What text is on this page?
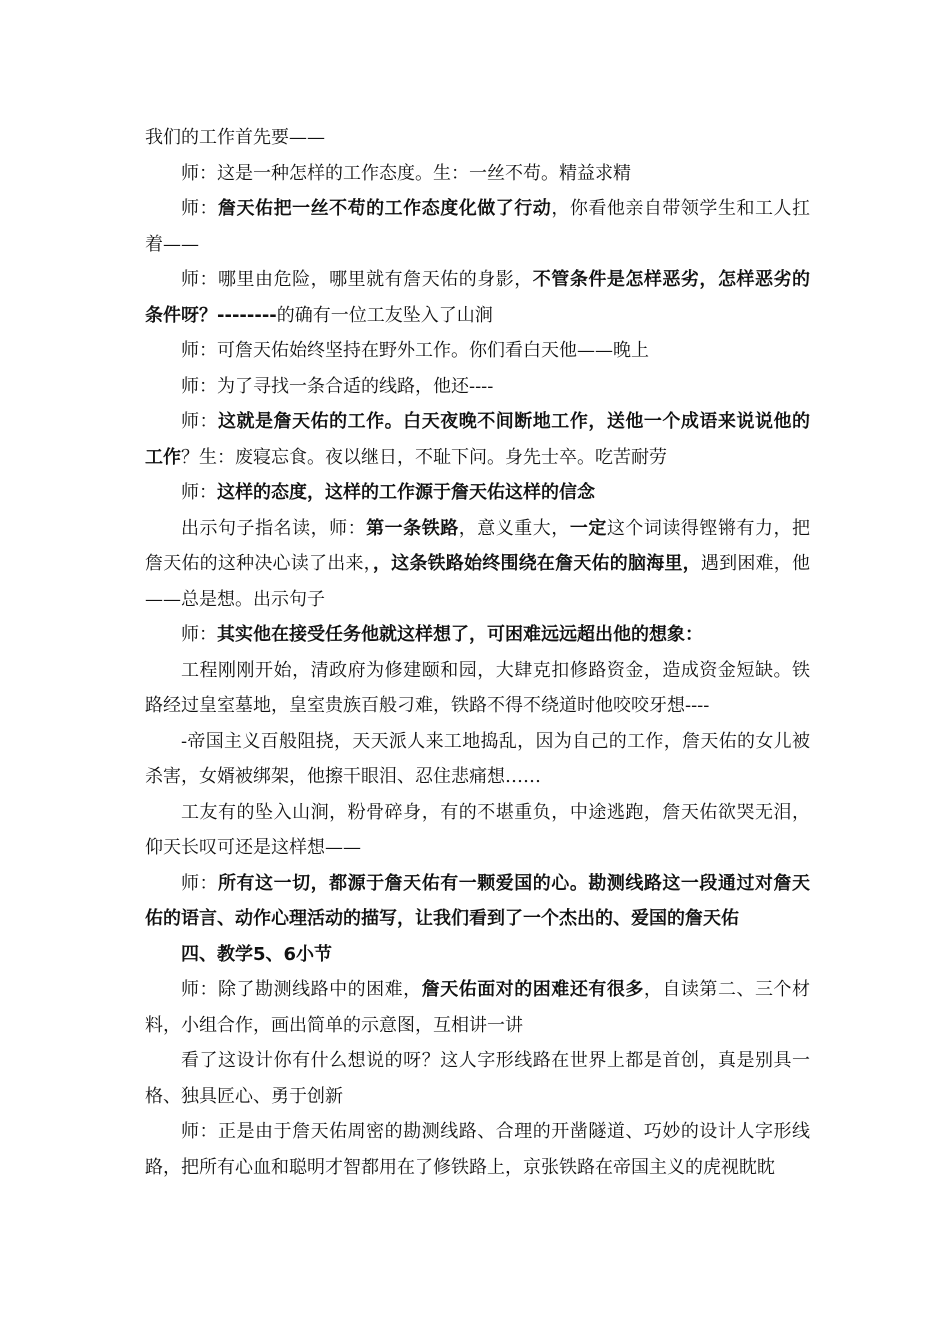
我们的工作首先要——

师：这是一种怎样的工作态度。生：一丝不苟。精益求精

师：詹天佑把一丝不苟的工作态度化做了行动，你看他亲自带领学生和工人扛着——

师：哪里由危险，哪里就有詹天佑的身影，不管条件是怎样恶劣，怎样恶劣的条件呀？--------的确有一位工友坠入了山涧

师：可詹天佑始终坚持在野外工作。你们看白天他——晚上

师：为了寻找一条合适的线路，他还----

师：这就是詹天佑的工作。白天夜晚不间断地工作，送他一个成语来说说他的工作？生：废寝忘食。夜以继日，不耻下问。身先士卒。吃苦耐劳

师：这样的态度，这样的工作源于詹天佑这样的信念

出示句子指名读，师：第一条铁路，意义重大，一定这个词读得铿锵有力，把詹天佑的这种决心读了出来，，这条铁路始终围绕在詹天佑的脑海里，遇到困难，他——总是想。出示句子

师：其实他在接受任务他就这样想了，可困难远远超出他的想象：

工程刚刚开始，清政府为修建颐和园，大肆克扣修路资金，造成资金短缺。铁路经过皇室墓地，皇室贵族百般刁难，铁路不得不绕道时他咬咬牙想----

-帝国主义百般阻挠，天天派人来工地捣乱，因为自己的工作，詹天佑的女儿被杀害，女婿被绑架，他擦干眼泪、忍住悲痛想……

工友有的坠入山涧，粉骨碎身，有的不堪重负，中途逃跑，詹天佑欲哭无泪，仰天长叹可还是这样想——

师：所有这一切，都源于詹天佑有一颗爱国的心。勘测线路这一段通过对詹天佑的语言、动作心理活动的描写，让我们看到了一个杰出的、爱国的詹天佑

四、教学5、6小节

师：除了勘测线路中的困难，詹天佑面对的困难还有很多，自读第二、三个材料，小组合作，画出简单的示意图，互相讲一讲

看了这设计你有什么想说的呀？这人字形线路在世界上都是首创，真是别具一格、独具匠心、勇于创新

师：正是由于詹天佑周密的勘测线路、合理的开凿隧道、巧妙的设计人字形线路，把所有心血和聪明才智都用在了修铁路上，京张铁路在帝国主义的虎视眈眈
